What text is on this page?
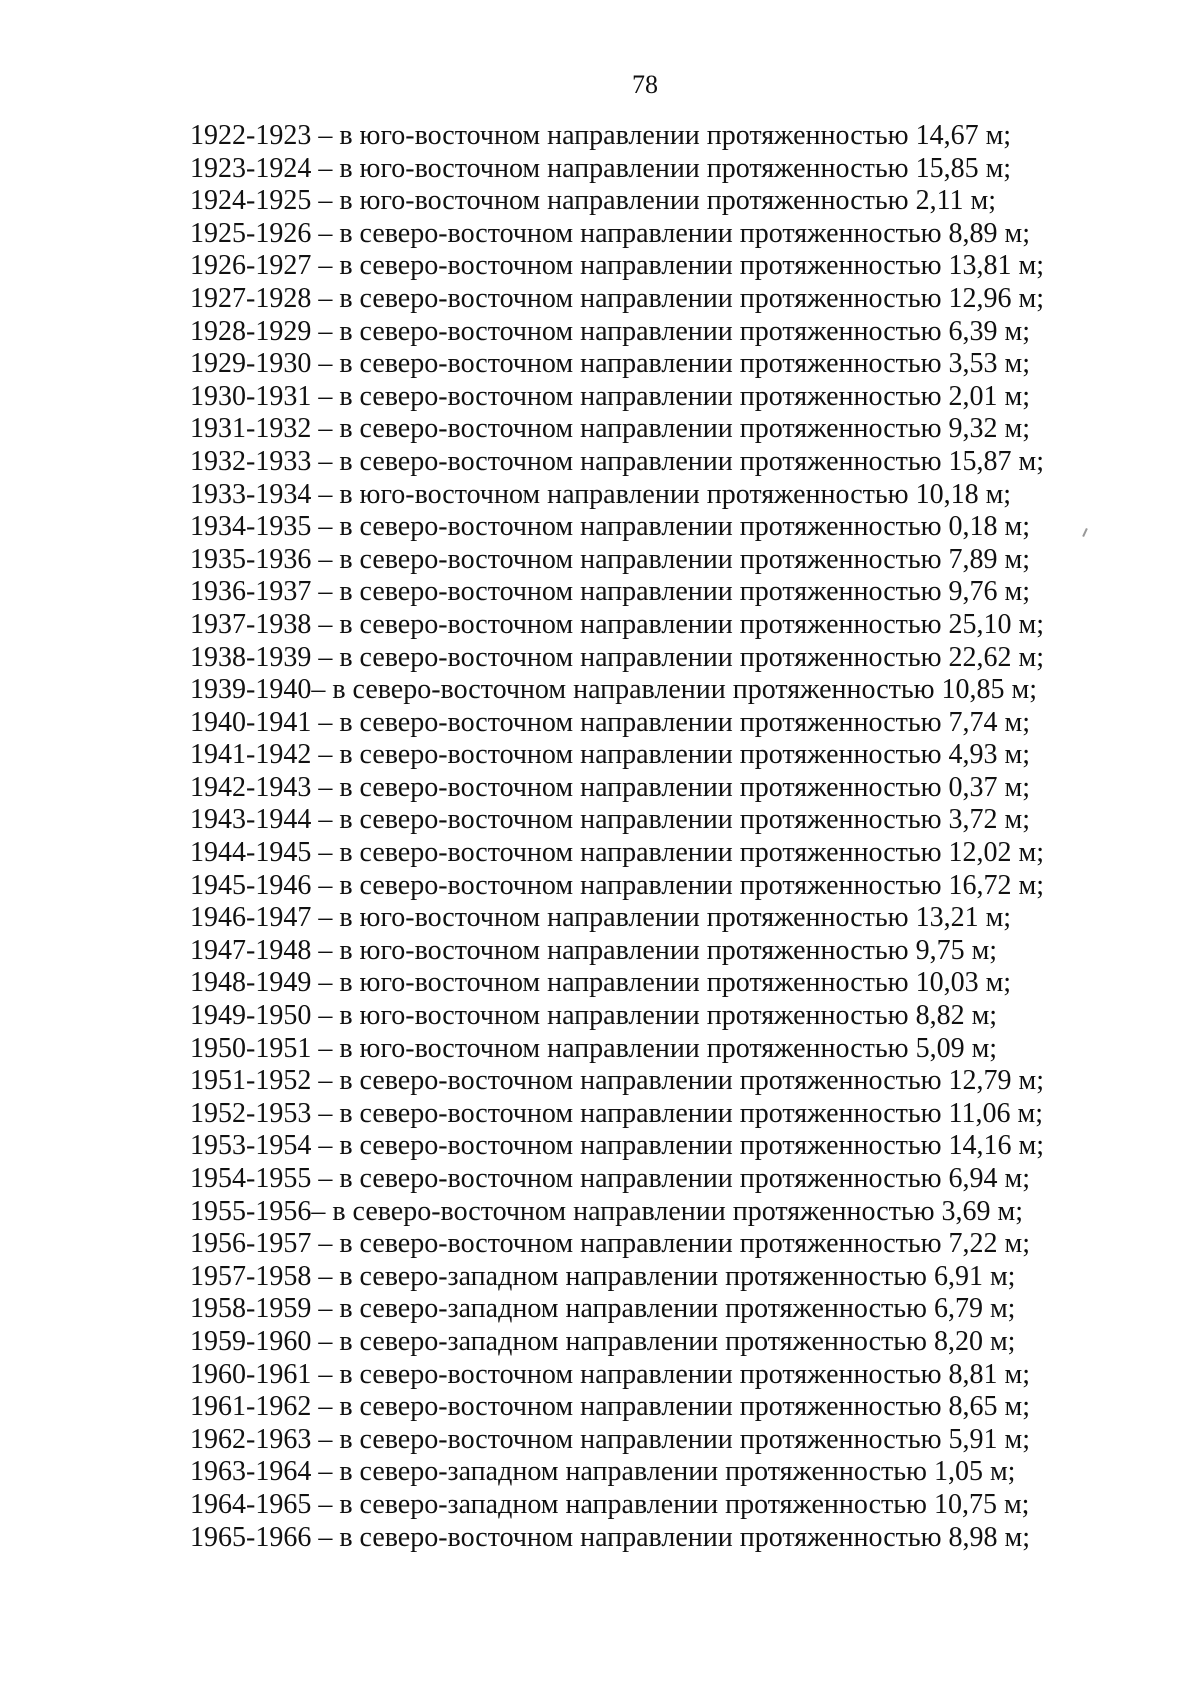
78
1922-1923 – в юго-восточном направлении протяженностью 14,67 м;
1923-1924 – в юго-восточном направлении протяженностью 15,85 м;
1924-1925 – в юго-восточном направлении протяженностью 2,11 м;
1925-1926 – в северо-восточном направлении протяженностью 8,89 м;
1926-1927 – в северо-восточном направлении протяженностью 13,81 м;
1927-1928 – в северо-восточном направлении протяженностью 12,96 м;
1928-1929 – в северо-восточном направлении протяженностью 6,39 м;
1929-1930 – в северо-восточном направлении протяженностью 3,53 м;
1930-1931 – в северо-восточном направлении протяженностью 2,01 м;
1931-1932 – в северо-восточном направлении протяженностью 9,32 м;
1932-1933 – в северо-восточном направлении протяженностью 15,87 м;
1933-1934 – в юго-восточном направлении протяженностью 10,18 м;
1934-1935 – в северо-восточном направлении протяженностью 0,18 м;
1935-1936 – в северо-восточном направлении протяженностью 7,89 м;
1936-1937 – в северо-восточном направлении протяженностью 9,76 м;
1937-1938 – в северо-восточном направлении протяженностью 25,10 м;
1938-1939 – в северо-восточном направлении протяженностью 22,62 м;
1939-1940– в северо-восточном направлении протяженностью 10,85 м;
1940-1941 – в северо-восточном направлении протяженностью 7,74 м;
1941-1942 – в северо-восточном направлении протяженностью 4,93 м;
1942-1943 – в северо-восточном направлении протяженностью 0,37 м;
1943-1944 – в северо-восточном направлении протяженностью 3,72 м;
1944-1945 – в северо-восточном направлении протяженностью 12,02 м;
1945-1946 – в северо-восточном направлении протяженностью 16,72 м;
1946-1947 – в юго-восточном направлении протяженностью 13,21 м;
1947-1948 – в юго-восточном направлении протяженностью 9,75 м;
1948-1949 – в юго-восточном направлении протяженностью 10,03 м;
1949-1950 – в юго-восточном направлении протяженностью 8,82 м;
1950-1951 – в юго-восточном направлении протяженностью 5,09 м;
1951-1952 – в северо-восточном направлении протяженностью 12,79 м;
1952-1953 – в северо-восточном направлении протяженностью 11,06 м;
1953-1954 – в северо-восточном направлении протяженностью 14,16 м;
1954-1955 – в северо-восточном направлении протяженностью 6,94 м;
1955-1956– в северо-восточном направлении протяженностью 3,69 м;
1956-1957 – в северо-восточном направлении протяженностью 7,22 м;
1957-1958 – в северо-западном направлении протяженностью 6,91 м;
1958-1959 – в северо-западном направлении протяженностью 6,79 м;
1959-1960 – в северо-западном направлении протяженностью 8,20 м;
1960-1961 – в северо-восточном направлении протяженностью 8,81 м;
1961-1962 – в северо-восточном направлении протяженностью 8,65 м;
1962-1963 – в северо-восточном направлении протяженностью 5,91 м;
1963-1964 – в северо-западном направлении протяженностью 1,05 м;
1964-1965 – в северо-западном направлении протяженностью 10,75 м;
1965-1966 – в северо-восточном направлении протяженностью 8,98 м;
